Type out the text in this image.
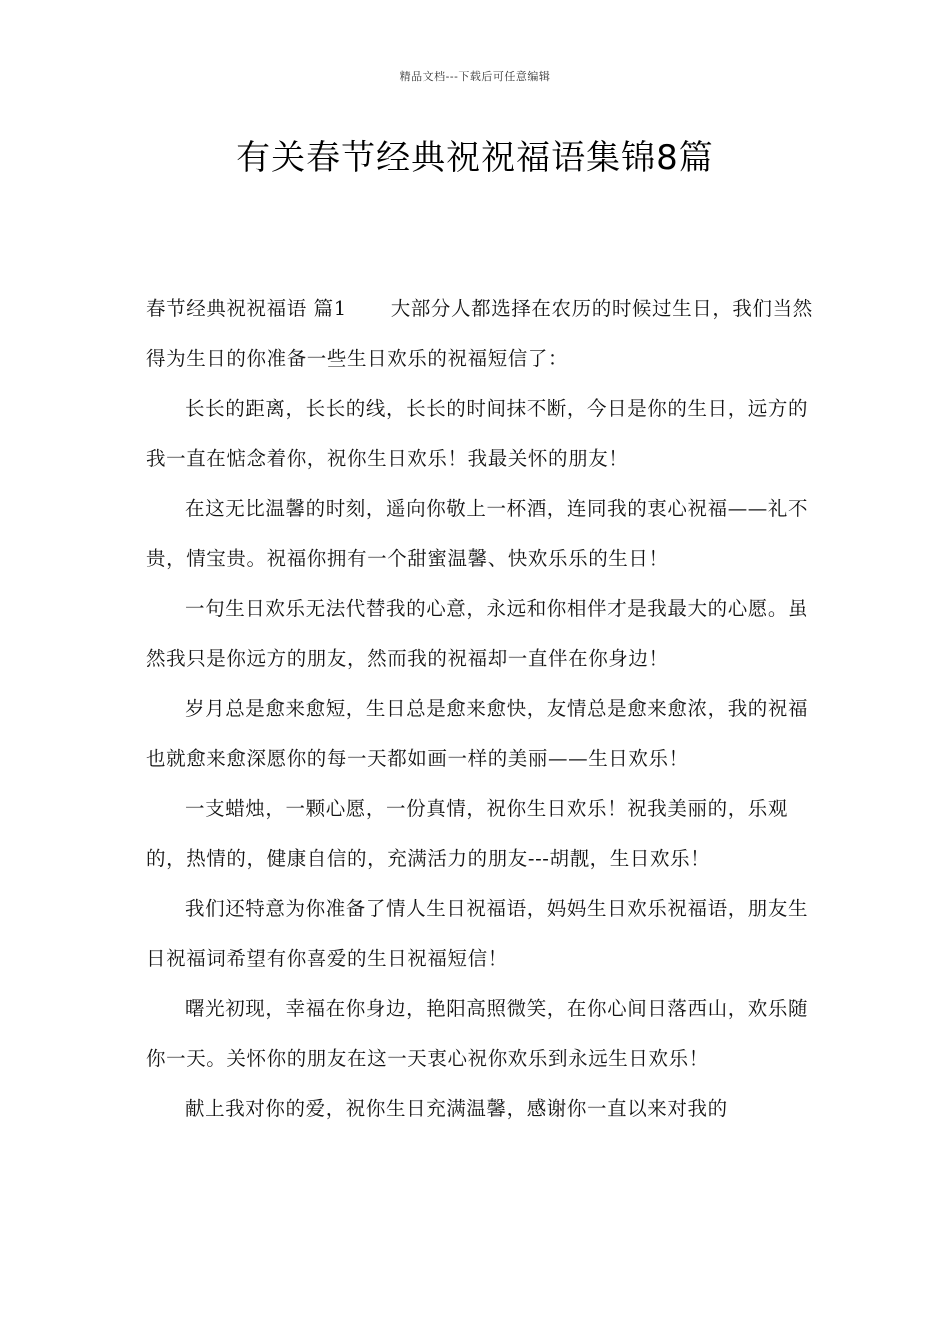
精品文档---下载后可任意编辑
有关春节经典祝祝福语集锦8篇

春节经典祝祝福语 篇1 大部分人都选择在农历的时候过生日，我们当然得为生日的你准备一些生日欢乐的祝福短信了：

长长的距离，长长的线，长长的时间抹不断，今日是你的生日，远方的我一直在惦念着你，祝你生日欢乐！我最关怀的朋友！

在这无比温馨的时刻，遥向你敬上一杯酒，连同我的衷心祝福——礼不贵，情宝贵。祝福你拥有一个甜蜜温馨、快欢乐乐的生日！

一句生日欢乐无法代替我的心意，永远和你相伴才是我最大的心愿。虽然我只是你远方的朋友，然而我的祝福却一直伴在你身边！

岁月总是愈来愈短，生日总是愈来愈快，友情总是愈来愈浓，我的祝福也就愈来愈深愿你的每一天都如画一样的美丽——生日欢乐！

一支蜡烛，一颗心愿，一份真情，祝你生日欢乐！祝我美丽的，乐观的，热情的，健康自信的，充满活力的朋友---胡靓，生日欢乐！

我们还特意为你准备了情人生日祝福语，妈妈生日欢乐祝福语，朋友生日祝福词希望有你喜爱的生日祝福短信！

曙光初现，幸福在你身边，艳阳高照微笑，在你心间日落西山，欢乐随你一天。关怀你的朋友在这一天衷心祝你欢乐到永远生日欢乐！

献上我对你的爱，祝你生日充满温馨，感谢你一直以来对我的
